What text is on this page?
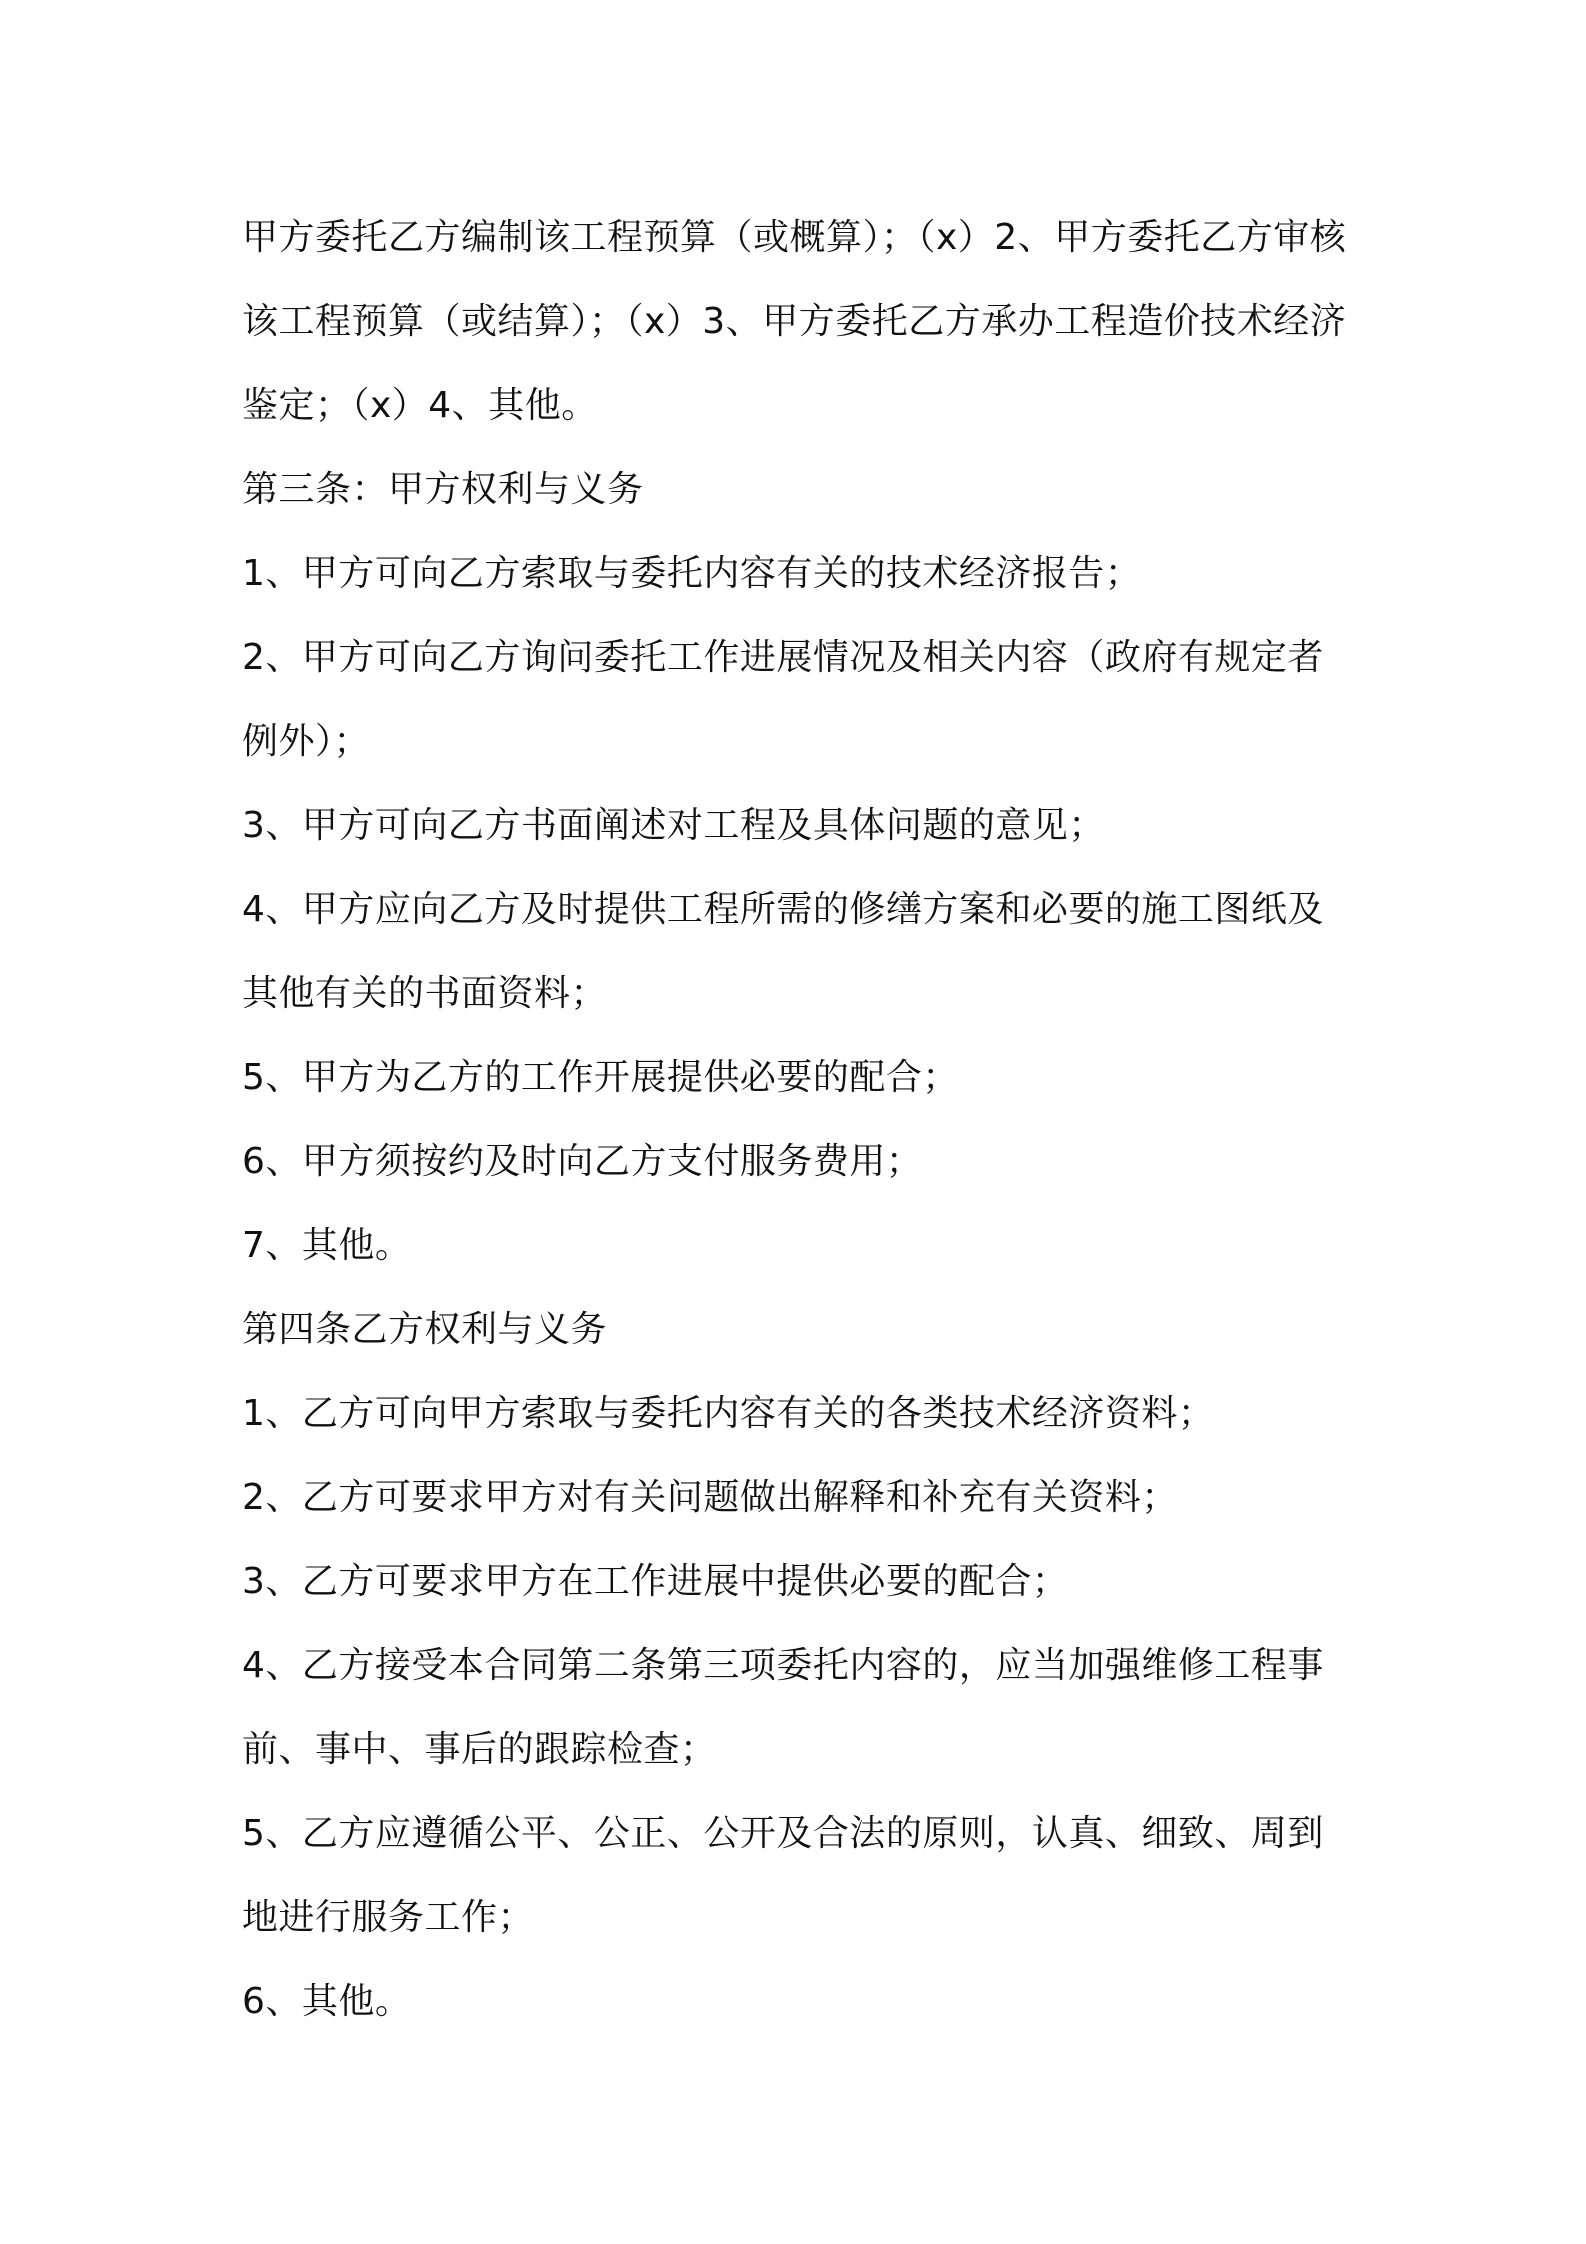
甲方委托乙方编制该工程预算（或概算）；（x）2、甲方委托乙方审核
该工程预算（或结算）；（x）3、甲方委托乙方承办工程造价技术经济
鉴定；（x）4、其他。
第三条：甲方权利与义务
1、甲方可向乙方索取与委托内容有关的技术经济报告；
2、甲方可向乙方询问委托工作进展情况及相关内容（政府有规定者
例外）；
3、甲方可向乙方书面阐述对工程及具体问题的意见；
4、甲方应向乙方及时提供工程所需的修缮方案和必要的施工图纸及
其他有关的书面资料；
5、甲方为乙方的工作开展提供必要的配合；
6、甲方须按约及时向乙方支付服务费用；
7、其他。
第四条乙方权利与义务
1、乙方可向甲方索取与委托内容有关的各类技术经济资料；
2、乙方可要求甲方对有关问题做出解释和补充有关资料；
3、乙方可要求甲方在工作进展中提供必要的配合；
4、乙方接受本合同第二条第三项委托内容的，应当加强维修工程事
前、事中、事后的跟踪检查；
5、乙方应遵循公平、公正、公开及合法的原则，认真、细致、周到
地进行服务工作；
6、其他。
